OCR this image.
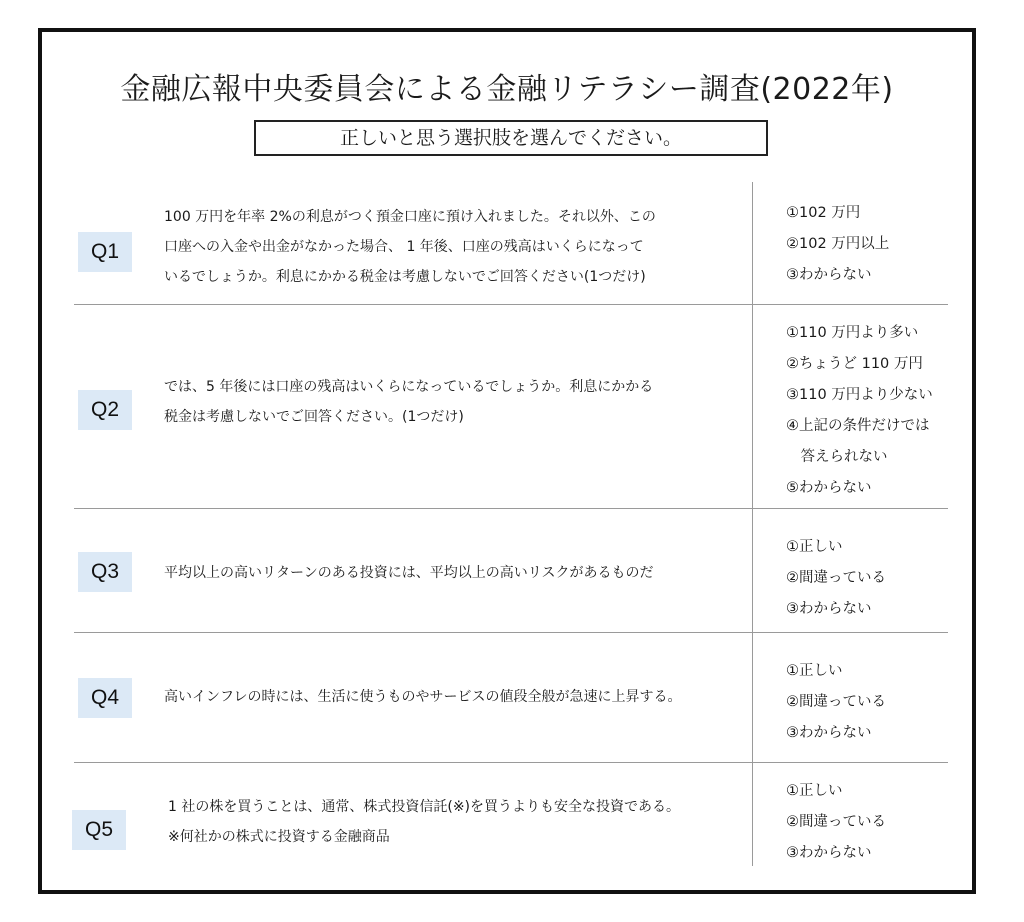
金融広報中央委員会による金融リテラシー調査(2022年)
正しいと思う選択肢を選んでください。
Q1
100 万円を年率 2%の利息がつく預金口座に預け入れました。それ以外、この
口座への入金や出金がなかった場合、 1 年後、口座の残高はいくらになって
いるでしょうか。利息にかかる税金は考慮しないでご回答ください(1つだけ)
①102 万円
②102 万円以上
③わからない
Q2
では、5 年後には口座の残高はいくらになっているでしょうか。利息にかかる
税金は考慮しないでご回答ください。(1つだけ)
①110 万円より多い
②ちょうど 110 万円
③110 万円より少ない
④上記の条件だけでは
　答えられない
⑤わからない
Q3	平均以上の高いリターンのある投資には、平均以上の高いリスクがあるものだ
①正しい
②間違っている
③わからない
Q4	高いインフレの時には、生活に使うものやサービスの値段全般が急速に上昇する。
①正しい
②間違っている
③わからない
Q5
1 社の株を買うことは、通常、株式投資信託(※)を買うよりも安全な投資である。
※何社かの株式に投資する金融商品
①正しい
②間違っている
③わからない
